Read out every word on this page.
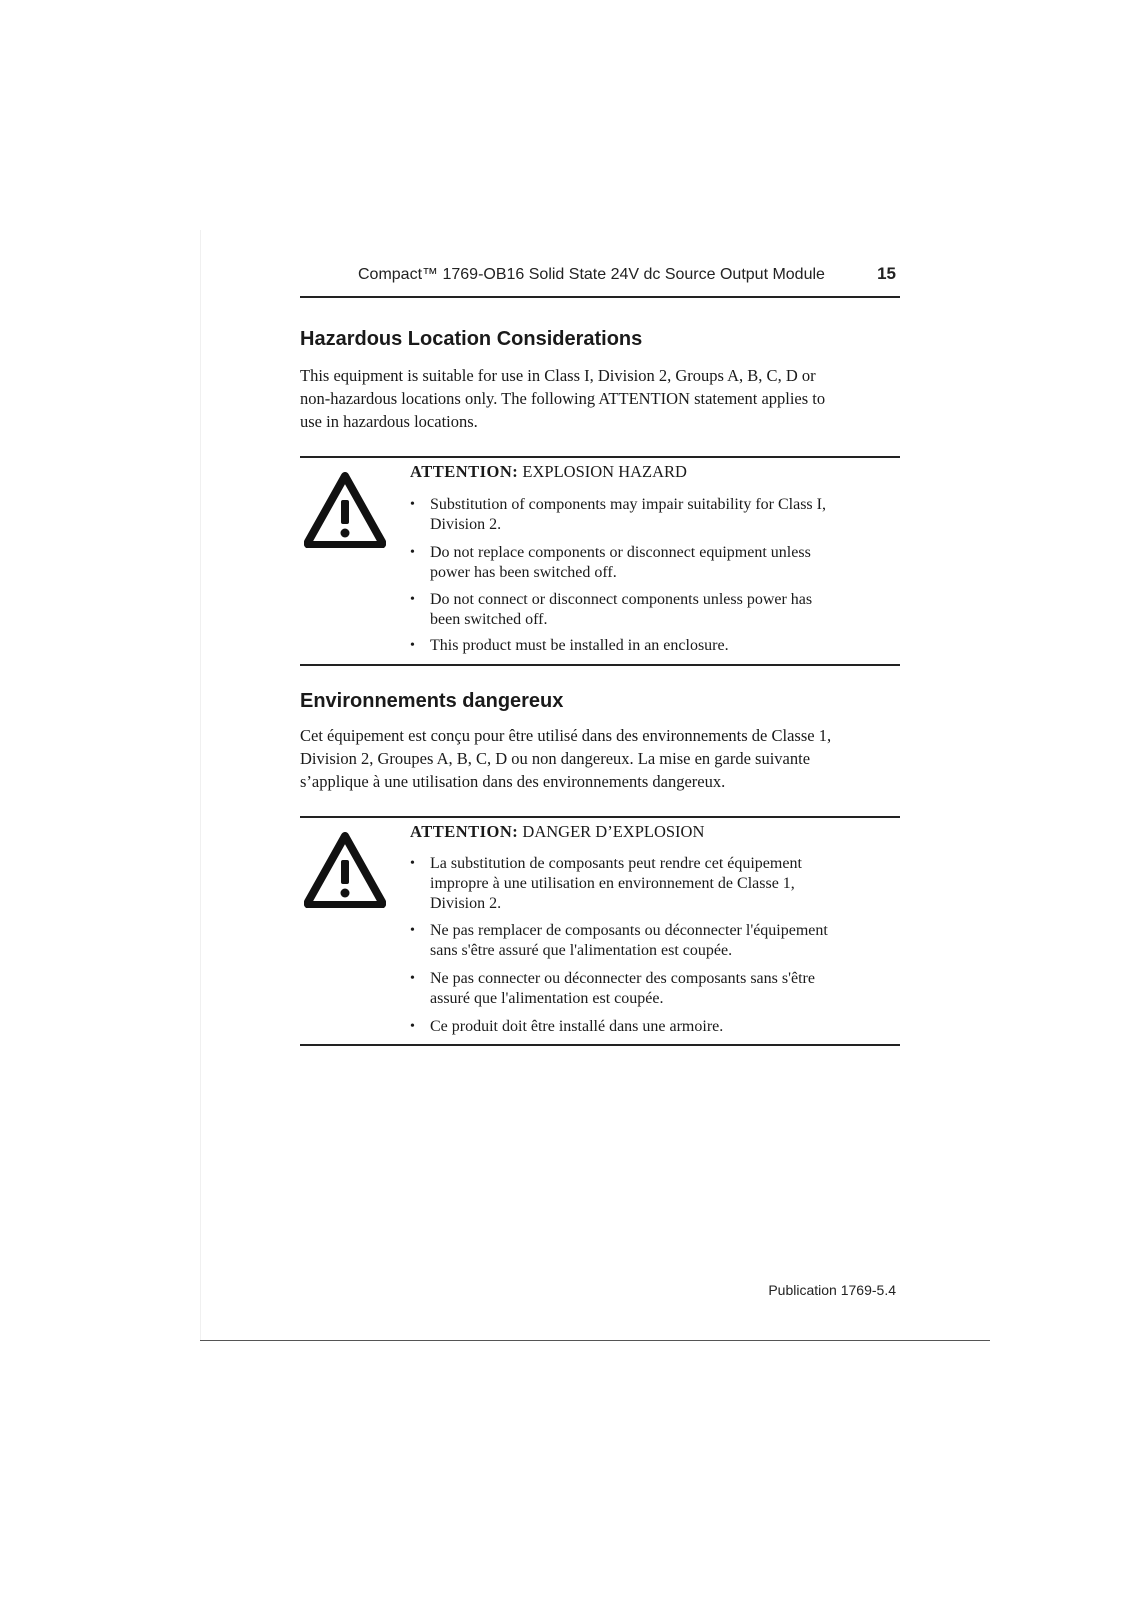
Compact™ 1769-OB16 Solid State 24V dc Source Output Module	15
Hazardous Location Considerations

This equipment is suitable for use in Class I, Division 2, Groups A, B, C, D or

non-hazardous locations only. The following ATTENTION statement applies to

use in hazardous locations.

ATTENTION: EXPLOSION HAZARD
• Substitution of components may impair suitability for Class I,
Division 2.
• Do not replace components or disconnect equipment unless
power has been switched off.
• Do not connect or disconnect components unless power has
been switched off.
• This product must be installed in an enclosure.
Environnements dangereux

Cet équipement est conçu pour être utilisé dans des environnements de Classe 1,

Division 2, Groupes A, B, C, D ou non dangereux. La mise en garde suivante

s’applique à une utilisation dans des environnements dangereux.

ATTENTION: DANGER D’EXPLOSION
• La substitution de composants peut rendre cet équipement
impropre à une utilisation en environnement de Classe 1,
Division 2.
• Ne pas remplacer de composants ou déconnecter l'équipement
sans s'être assuré que l'alimentation est coupée.
• Ne pas connecter ou déconnecter des composants sans s'être
assuré que l'alimentation est coupée.
• Ce produit doit être installé dans une armoire.
Publication 1769-5.4
